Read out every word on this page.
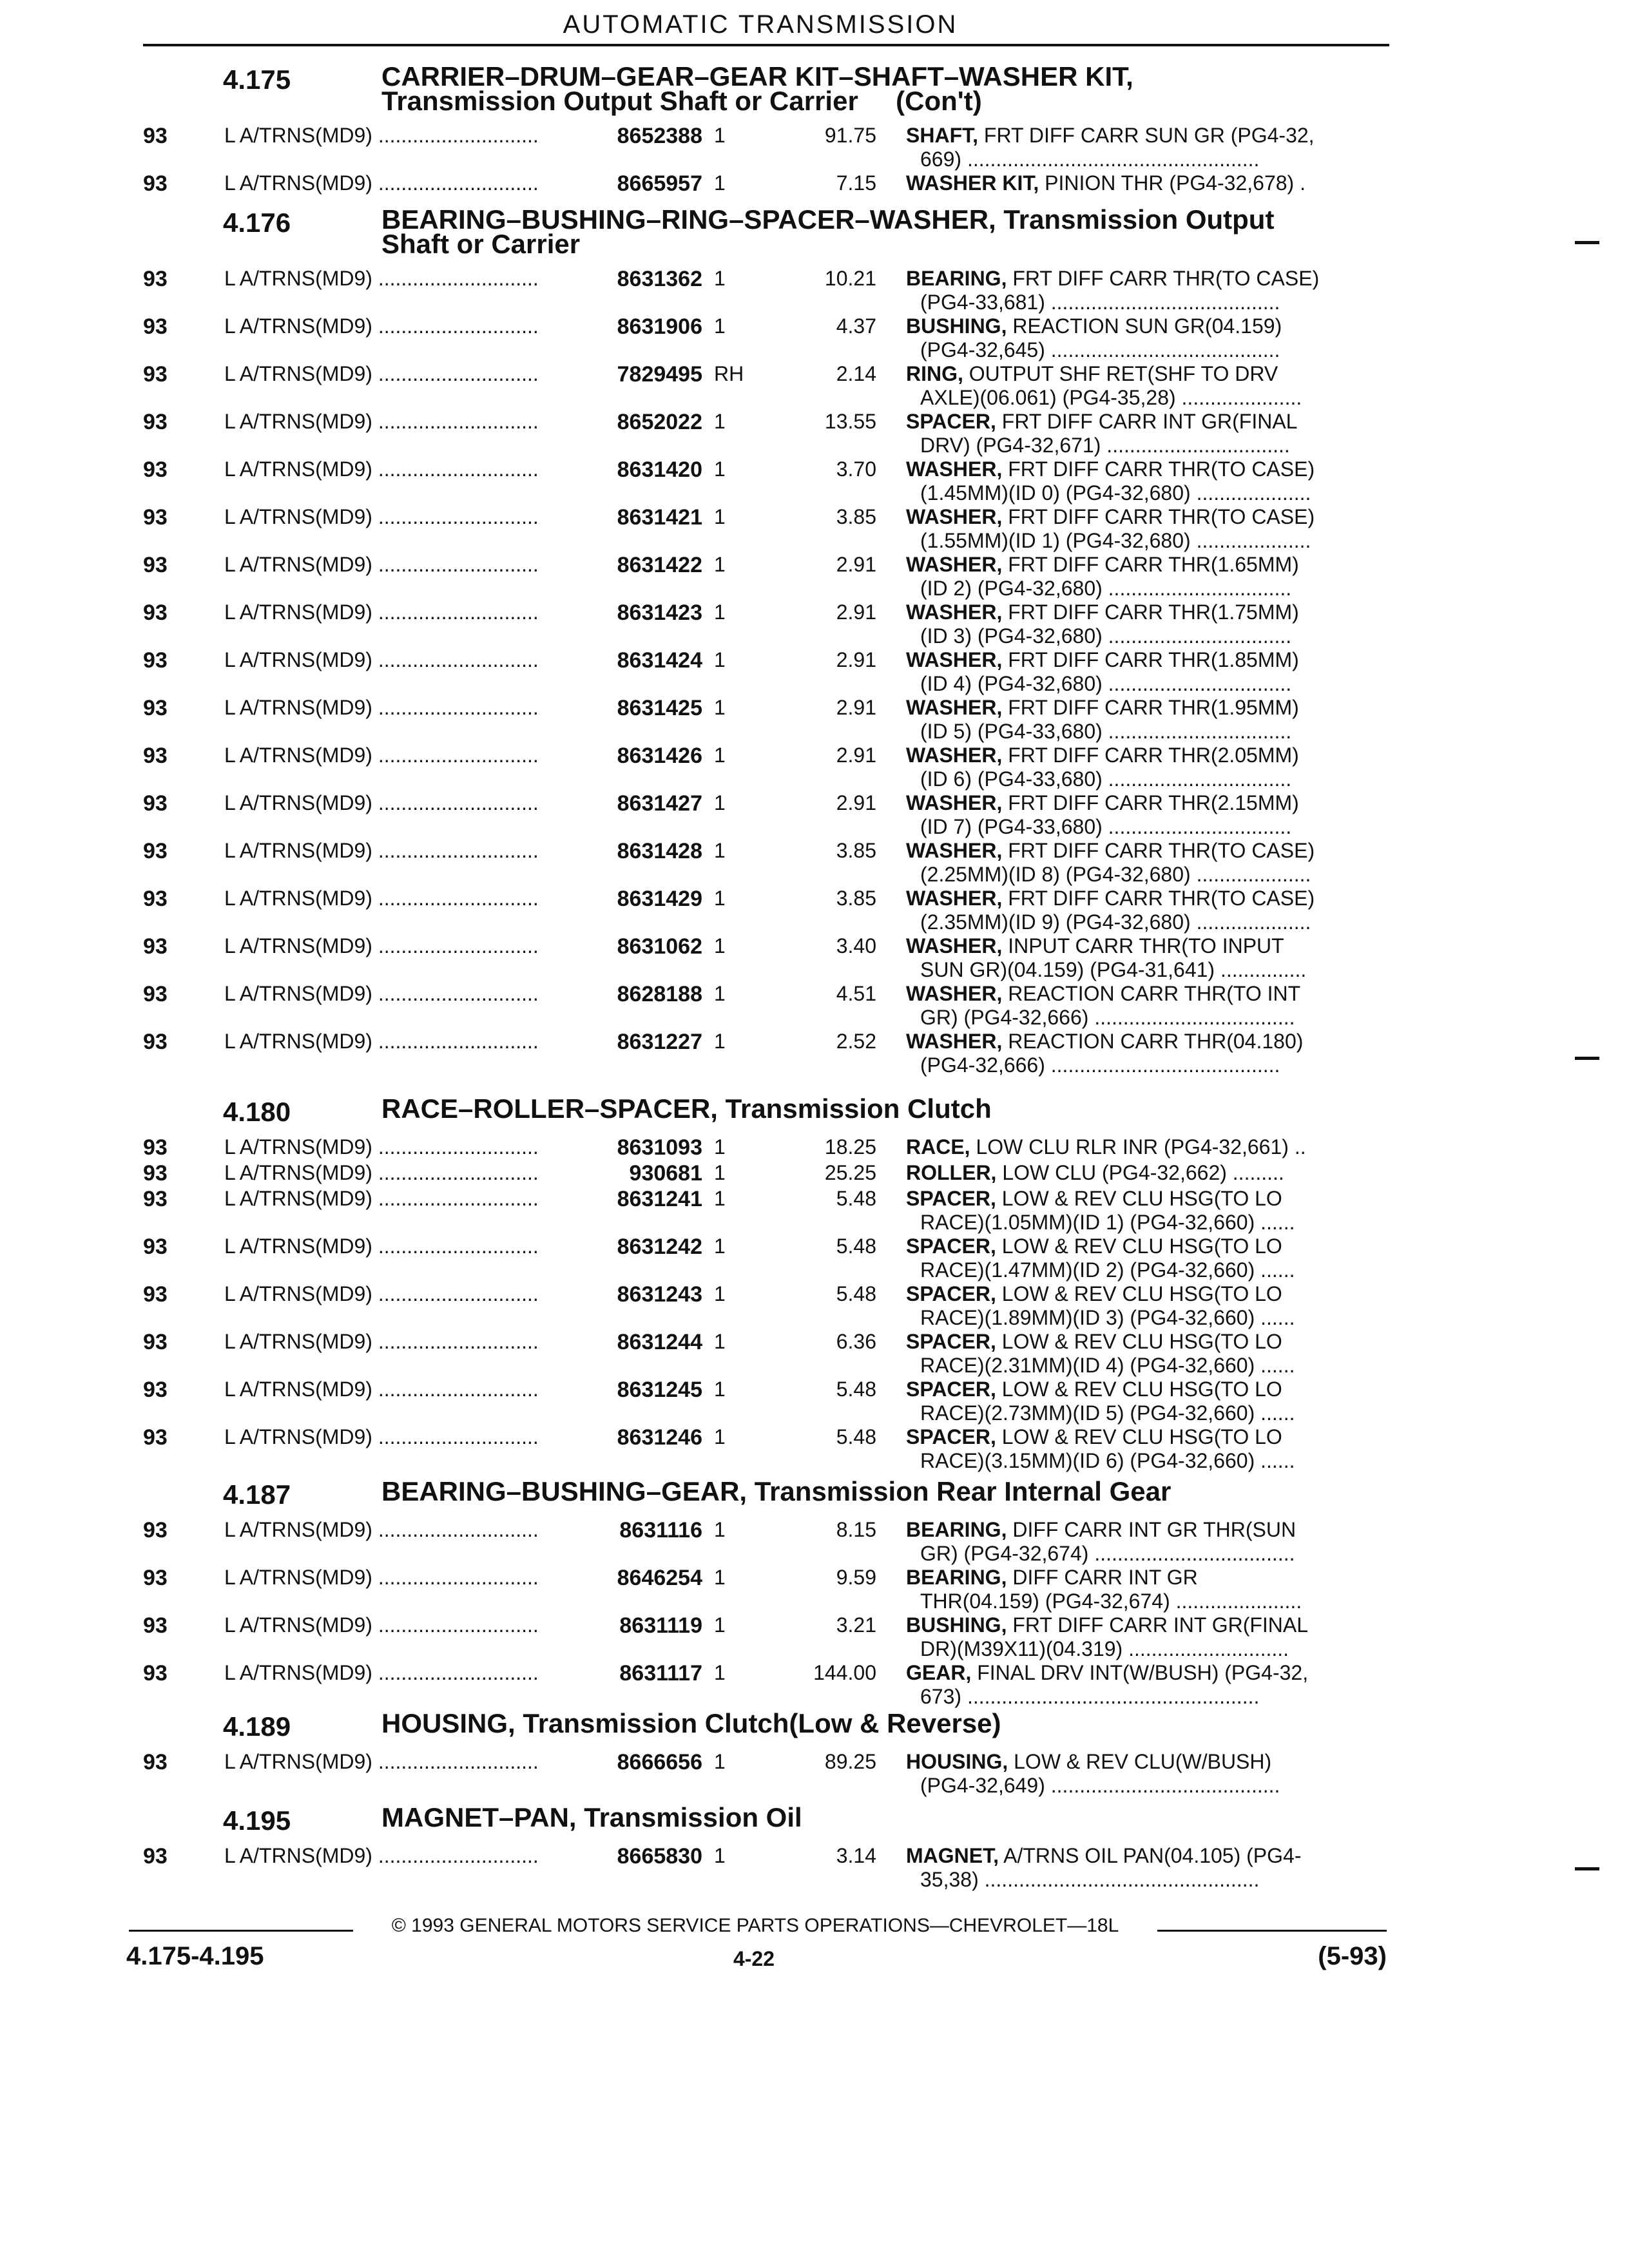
AUTOMATIC TRANSMISSION
4.175	CARRIER–DRUM–GEAR–GEAR KIT–SHAFT–WASHER KIT,
Transmission Output Shaft or Carrier     (Con't)
93	L A/TRNS(MD9) ............................	8652388 1	91.75 SHAFT, FRT DIFF CARR SUN GR (PG4-32,
669) ...................................................
93	L A/TRNS(MD9) ............................	8665957 1	7.15 WASHER KIT, PINION THR (PG4-32,678) .
4.176	BEARING–BUSHING–RING–SPACER–WASHER, Transmission Output
Shaft or Carrier
93	L A/TRNS(MD9) ............................	8631362 1	10.21 BEARING, FRT DIFF CARR THR(TO CASE)
(PG4-33,681) ........................................
93	L A/TRNS(MD9) ............................	8631906 1	4.37 BUSHING, REACTION SUN GR(04.159)
(PG4-32,645) ........................................
93	L A/TRNS(MD9) ............................	7829495 RH	2.14 RING, OUTPUT SHF RET(SHF TO DRV
AXLE)(06.061) (PG4-35,28) .....................
93	L A/TRNS(MD9) ............................	8652022 1	13.55 SPACER, FRT DIFF CARR INT GR(FINAL
DRV) (PG4-32,671) ................................
93	L A/TRNS(MD9) ............................	8631420 1	3.70 WASHER, FRT DIFF CARR THR(TO CASE)
(1.45MM)(ID 0) (PG4-32,680) ....................
93	L A/TRNS(MD9) ............................	8631421 1	3.85 WASHER, FRT DIFF CARR THR(TO CASE)
(1.55MM)(ID 1) (PG4-32,680) ....................
93	L A/TRNS(MD9) ............................	8631422 1	2.91 WASHER, FRT DIFF CARR THR(1.65MM)
(ID 2) (PG4-32,680) ................................
93	L A/TRNS(MD9) ............................	8631423 1	2.91 WASHER, FRT DIFF CARR THR(1.75MM)
(ID 3) (PG4-32,680) ................................
93	L A/TRNS(MD9) ............................	8631424 1	2.91 WASHER, FRT DIFF CARR THR(1.85MM)
(ID 4) (PG4-32,680) ................................
93	L A/TRNS(MD9) ............................	8631425 1	2.91 WASHER, FRT DIFF CARR THR(1.95MM)
(ID 5) (PG4-33,680) ................................
93	L A/TRNS(MD9) ............................	8631426 1	2.91 WASHER, FRT DIFF CARR THR(2.05MM)
(ID 6) (PG4-33,680) ................................
93	L A/TRNS(MD9) ............................	8631427 1	2.91 WASHER, FRT DIFF CARR THR(2.15MM)
(ID 7) (PG4-33,680) ................................
93	L A/TRNS(MD9) ............................	8631428 1	3.85 WASHER, FRT DIFF CARR THR(TO CASE)
(2.25MM)(ID 8) (PG4-32,680) ....................
93	L A/TRNS(MD9) ............................	8631429 1	3.85 WASHER, FRT DIFF CARR THR(TO CASE)
(2.35MM)(ID 9) (PG4-32,680) ....................
93	L A/TRNS(MD9) ............................	8631062 1	3.40 WASHER, INPUT CARR THR(TO INPUT
SUN GR)(04.159) (PG4-31,641) ...............
93	L A/TRNS(MD9) ............................	8628188 1	4.51 WASHER, REACTION CARR THR(TO INT
GR) (PG4-32,666) ...................................
93	L A/TRNS(MD9) ............................	8631227 1	2.52 WASHER, REACTION CARR THR(04.180)
(PG4-32,666) ........................................
4.180	RACE–ROLLER–SPACER, Transmission Clutch
93	L A/TRNS(MD9) ............................	8631093 1	18.25 RACE, LOW CLU RLR INR (PG4-32,661) ..
93	L A/TRNS(MD9) ............................	930681 1	25.25 ROLLER, LOW CLU (PG4-32,662) .........
93	L A/TRNS(MD9) ............................	8631241 1	5.48 SPACER, LOW & REV CLU HSG(TO LO
RACE)(1.05MM)(ID 1) (PG4-32,660) ......
93	L A/TRNS(MD9) ............................	8631242 1	5.48 SPACER, LOW & REV CLU HSG(TO LO
RACE)(1.47MM)(ID 2) (PG4-32,660) ......
93	L A/TRNS(MD9) ............................	8631243 1	5.48 SPACER, LOW & REV CLU HSG(TO LO
RACE)(1.89MM)(ID 3) (PG4-32,660) ......
93	L A/TRNS(MD9) ............................	8631244 1	6.36 SPACER, LOW & REV CLU HSG(TO LO
RACE)(2.31MM)(ID 4) (PG4-32,660) ......
93	L A/TRNS(MD9) ............................	8631245 1	5.48 SPACER, LOW & REV CLU HSG(TO LO
RACE)(2.73MM)(ID 5) (PG4-32,660) ......
93	L A/TRNS(MD9) ............................	8631246 1	5.48 SPACER, LOW & REV CLU HSG(TO LO
RACE)(3.15MM)(ID 6) (PG4-32,660) ......
4.187	BEARING–BUSHING–GEAR, Transmission Rear Internal Gear
93	L A/TRNS(MD9) ............................	8631116 1	8.15 BEARING, DIFF CARR INT GR THR(SUN
GR) (PG4-32,674) ...................................
93	L A/TRNS(MD9) ............................	8646254 1	9.59 BEARING, DIFF CARR INT GR
THR(04.159) (PG4-32,674) ......................
93	L A/TRNS(MD9) ............................	8631119 1	3.21 BUSHING, FRT DIFF CARR INT GR(FINAL
DR)(M39X11)(04.319) ............................
93	L A/TRNS(MD9) ............................	8631117 1	144.00 GEAR, FINAL DRV INT(W/BUSH) (PG4-32,
673) ...................................................
4.189	HOUSING, Transmission Clutch(Low & Reverse)
93	L A/TRNS(MD9) ............................	8666656 1	89.25 HOUSING, LOW & REV CLU(W/BUSH)
(PG4-32,649) ........................................
4.195	MAGNET–PAN, Transmission Oil
93	L A/TRNS(MD9) ............................	8665830 1	3.14 MAGNET, A/TRNS OIL PAN(04.105) (PG4-
35,38) ................................................
© 1993 GENERAL MOTORS SERVICE PARTS OPERATIONS—CHEVROLET—18L
4.175-4.195	4-22	(5-93)
